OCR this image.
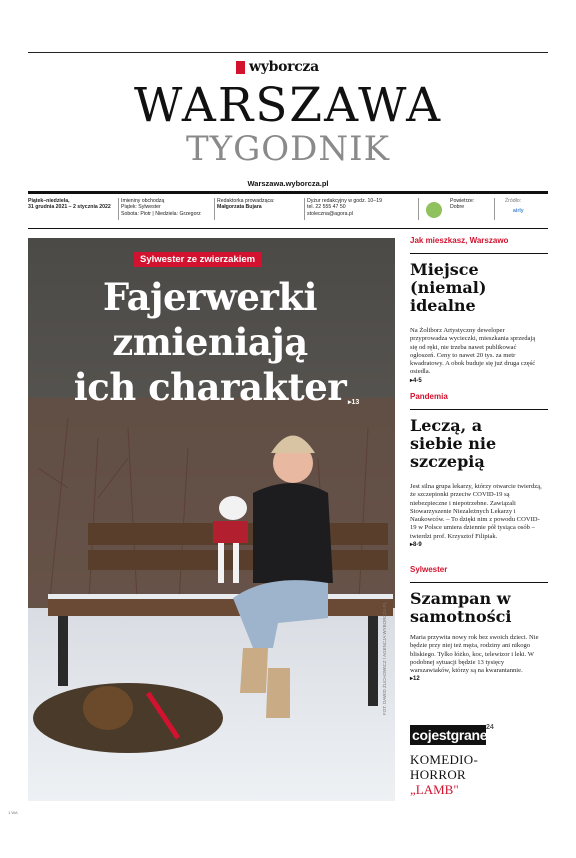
wyborcza
WARSZAWA
TYGODNIK
Warszawa.wyborcza.pl
Piątek–niedziela,
31 grudnia 2021 – 2 stycznia 2022
Imieniny obchodzą
Piątek: Sylwester
Sobota: Piotr | Niedziela: Grzegorz
Redaktorka prowadząca:
Małgorzata Bujara
Dyżur redakcyjny w godz. 10–19
tel. 22 555 47 50
stoleczna@agora.pl
Powietrze:
Dobre
Źródło:
airly
Sylwester ze zwierzakiem
Fajerwerki
zmieniają
ich charakter ▸13
FOT. DAWID ŻUCHOWICZ / AGENCJA WYBORCZA.PL
Jak mieszkasz, Warszawo
Miejsce (niemal) idealne
Na Żoliborz Artystyczny deweloper przyprowadza wycieczki, mieszkania sprzedają się od ręki, nie trzeba nawet publikować ogłoszeń. Ceny to nawet 20 tys. za metr kwadratowy. A obok buduje się już druga część osiedla.
▸4-5
Pandemia
Leczą, a siebie nie szczepią
Jest silna grupa lekarzy, którzy otwarcie twierdzą, że szczepionki przeciw COVID-19 są niebezpieczne i niepotrzebne. Zawiązali Stowarzyszenie Niezależnych Lekarzy i Naukowców. – To dzięki nim z powodu COVID-19 w Polsce umiera dziennie pół tysiąca osób – twierdzi prof. Krzysztof Filipiak.
▸8-9
Sylwester
Szampan w samotności
Maria przywita nowy rok bez swoich dzieci. Nie będzie przy niej też męża, rodziny ani nikogo bliskiego. Tylko łóżko, koc, telewizor i leki. W podobnej sytuacji będzie 13 tysięcy warszawiaków, którzy są na kwarantannie.
▸12
cojestgrane
24
KOMEDIO-
HORROR
„LAMB"
1 WA
